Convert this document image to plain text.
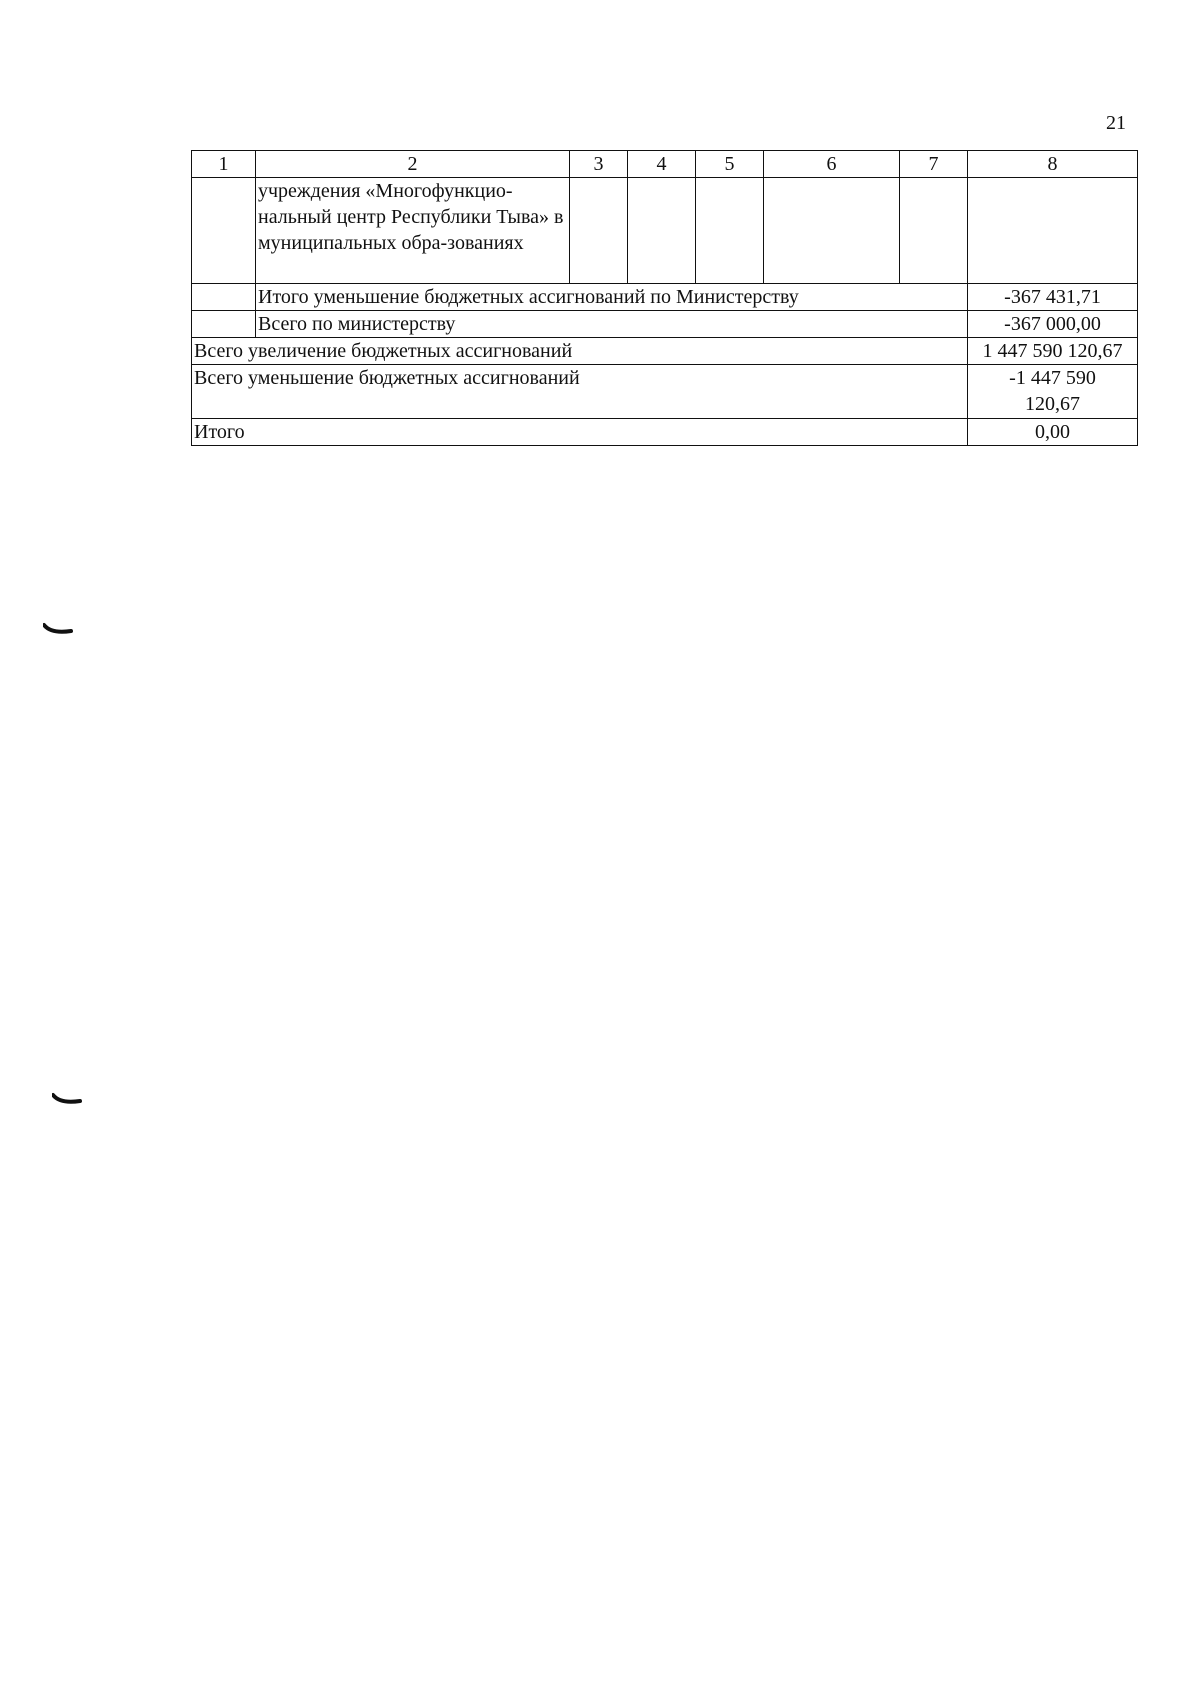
21
1	2	3	4	5	6	7	8
	учреждения «Многофункцио-нальный центр Республики Тыва» в муниципальных обра-зованиях						
	Итого уменьшение бюджетных ассигнований по Министерству						-367 431,71
	Всего по министерству						-367 000,00
Всего увеличение бюджетных ассигнований							1 447 590 120,67
Всего уменьшение бюджетных ассигнований							-1 447 590 120,67
Итого							0,00
